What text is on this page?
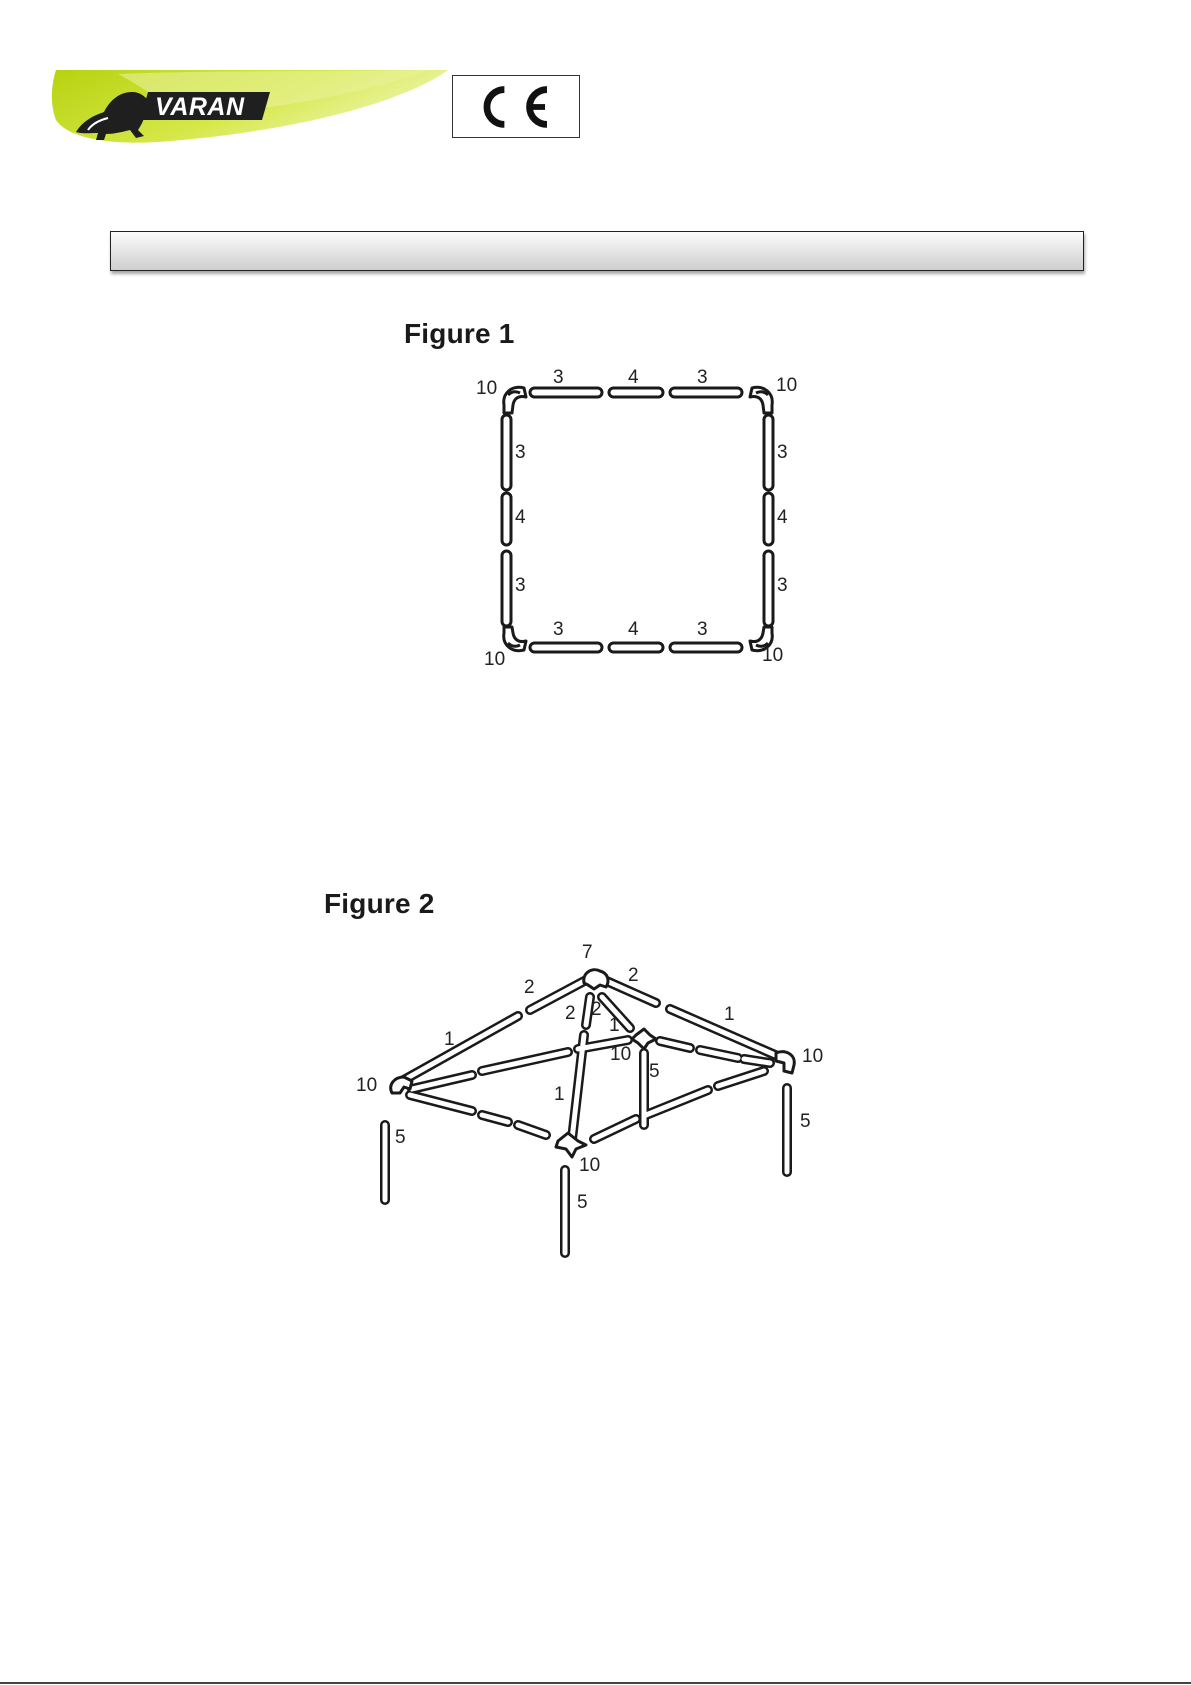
VARAN
Figure 1
10	10
10	10
3	4	3
3	4	3
3
4
3
3
4
3
Figure 2
7
2
1
2
1
2 2
1
1
10
10
10
10
5
5
5
5
